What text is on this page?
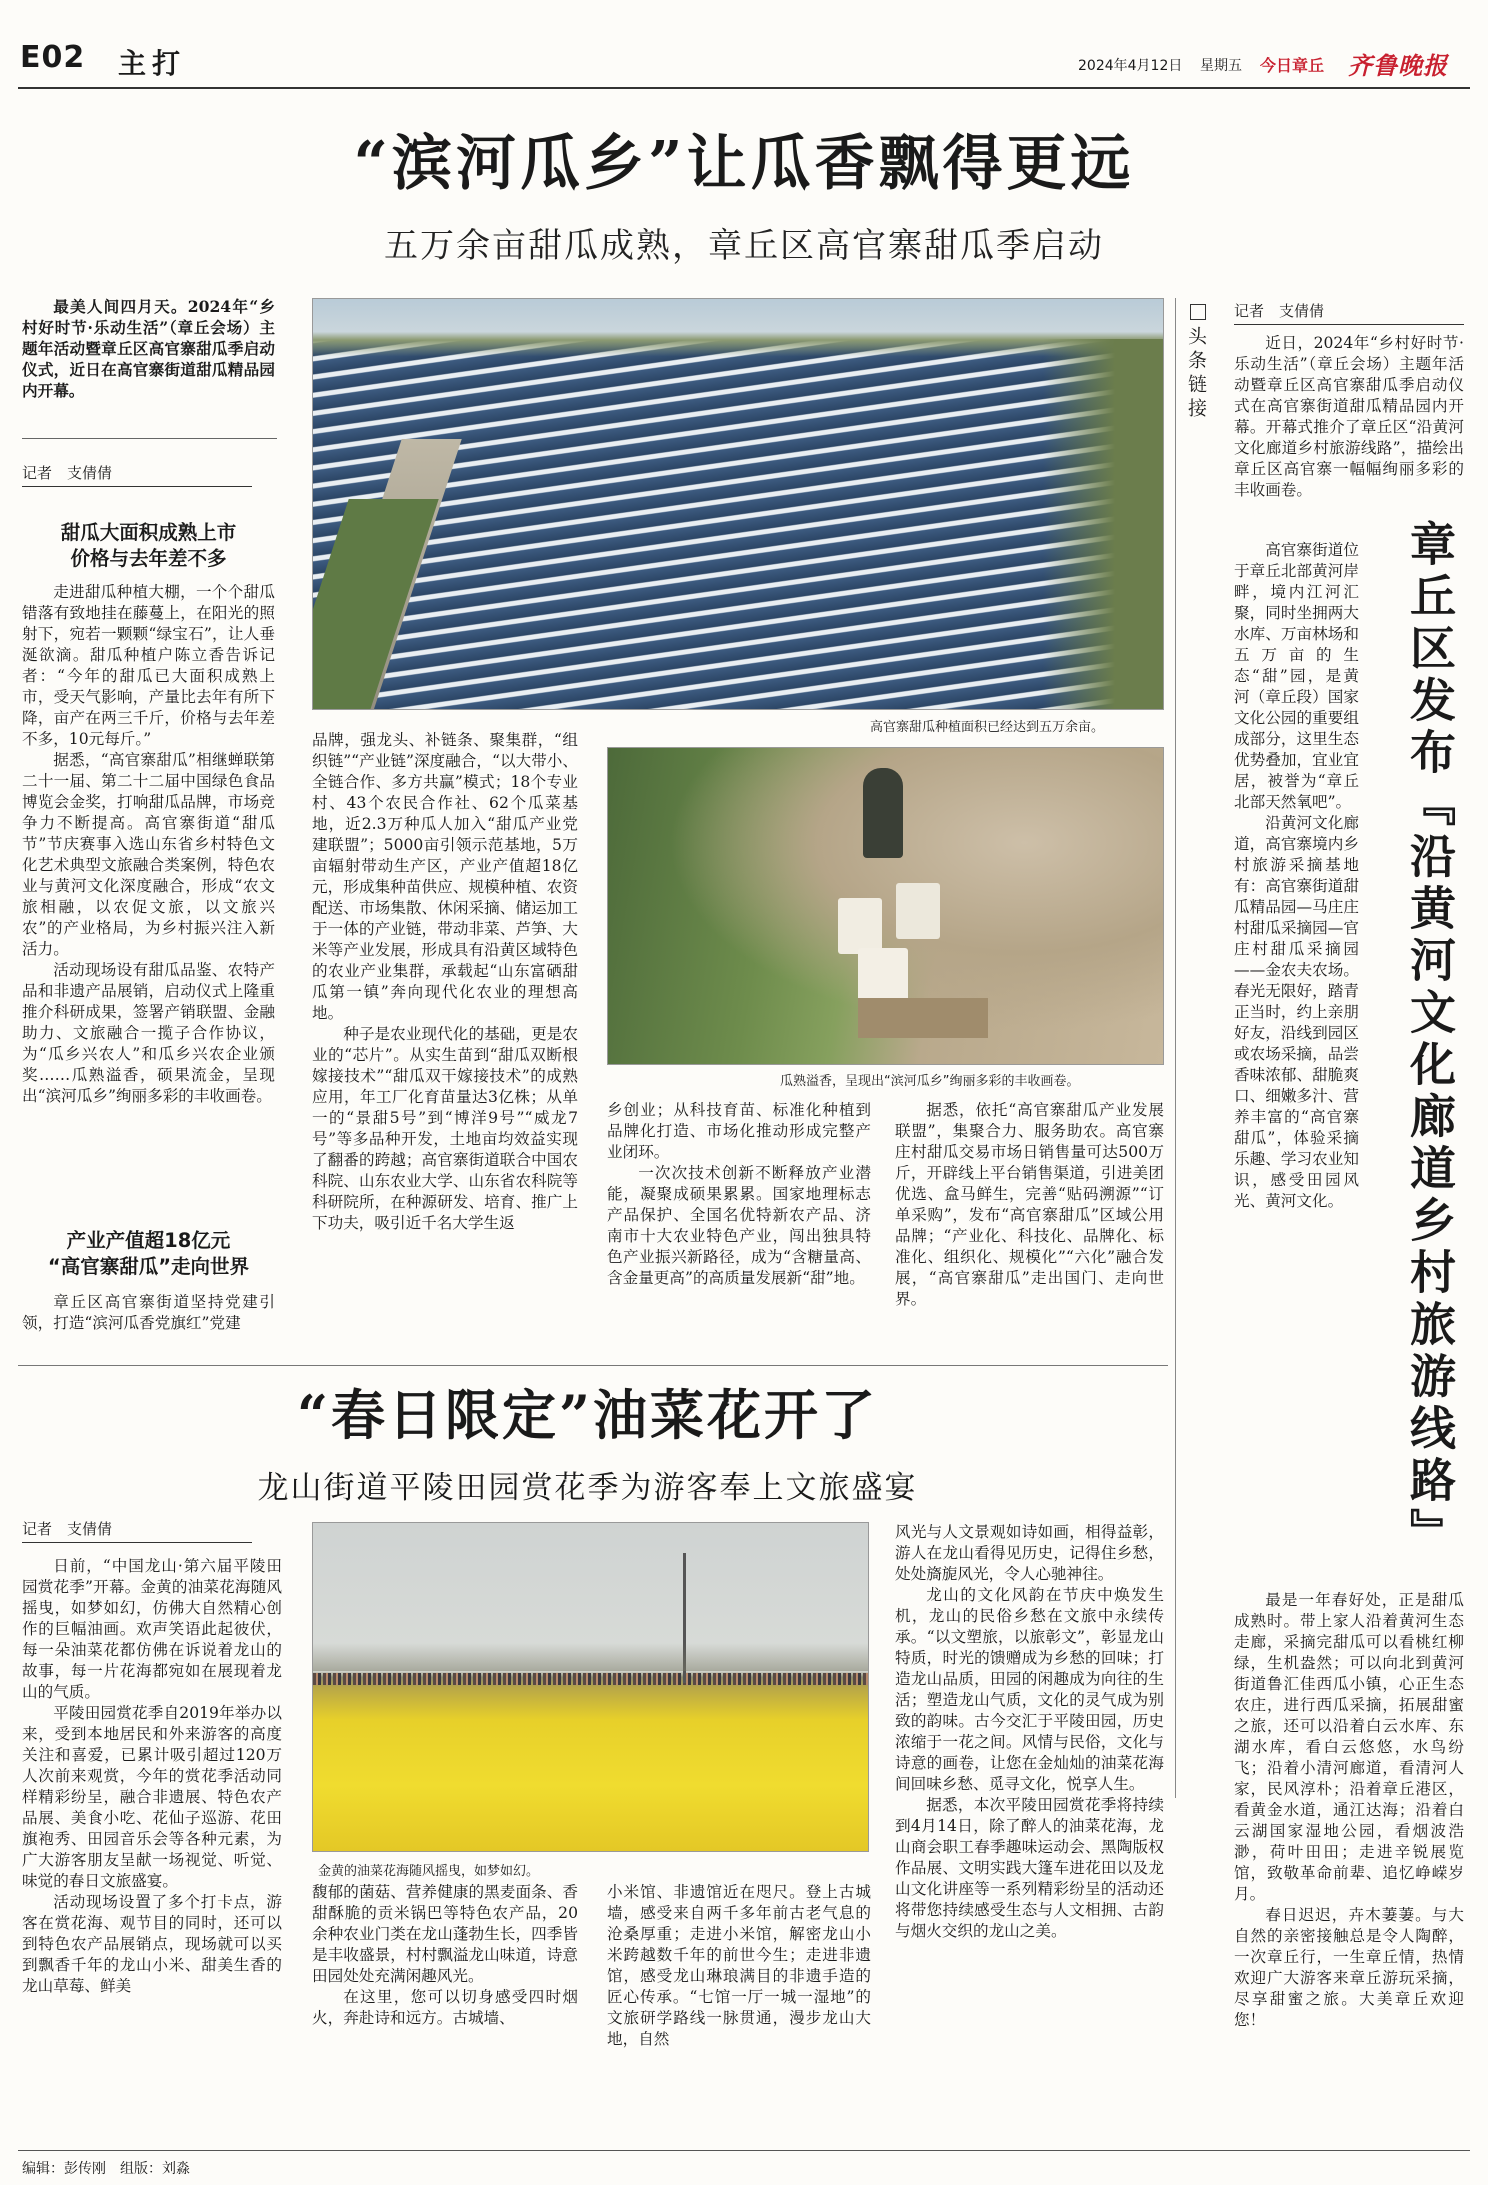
E02 主打	2024年4月12日 星期五 今日章丘 齐鲁晚报
“滨河瓜乡”让瓜香飘得更远
五万余亩甜瓜成熟，章丘区高官寨甜瓜季启动
最美人间四月天。2024年“乡村好时节·乐动生活”（章丘会场）主题年活动暨章丘区高官寨甜瓜季启动仪式，近日在高官寨街道甜瓜精品园内开幕。
记者　支倩倩
甜瓜大面积成熟上市
价格与去年差不多

走进甜瓜种植大棚，一个个甜瓜错落有致地挂在藤蔓上，在阳光的照射下，宛若一颗颗“绿宝石”，让人垂涎欲滴。甜瓜种植户陈立香告诉记者：“今年的甜瓜已大面积成熟上市，受天气影响，产量比去年有所下降，亩产在两三千斤，价格与去年差不多，10元每斤。”

据悉，“高官寨甜瓜”相继蝉联第二十一届、第二十二届中国绿色食品博览会金奖，打响甜瓜品牌，市场竞争力不断提高。高官寨街道“甜瓜节”节庆赛事入选山东省乡村特色文化艺术典型文旅融合类案例，特色农业与黄河文化深度融合，形成“农文旅相融，以农促文旅，以文旅兴农”的产业格局，为乡村振兴注入新活力。

活动现场设有甜瓜品鉴、农特产品和非遗产品展销，启动仪式上隆重推介科研成果，签署产销联盟、金融助力、文旅融合一揽子合作协议，为“瓜乡兴农人”和瓜乡兴农企业颁奖……瓜熟溢香，硕果流金，呈现出“滨河瓜乡”绚丽多彩的丰收画卷。

产业产值超18亿元
“高官寨甜瓜”走向世界

章丘区高官寨街道坚持党建引领，打造“滨河瓜香党旗红”党建

高官寨甜瓜种植面积已经达到五万余亩。
瓜熟溢香，呈现出“滨河瓜乡”绚丽多彩的丰收画卷。

品牌，强龙头、补链条、聚集群，“组织链”“产业链”深度融合，“以大带小、全链合作、多方共赢”模式；18个专业村、43个农民合作社、62个瓜菜基地，近2.3万种瓜人加入“甜瓜产业党建联盟”；5000亩引领示范基地，5万亩辐射带动生产区，产业产值超18亿元，形成集种苗供应、规模种植、农资配送、市场集散、休闲采摘、储运加工于一体的产业链，带动非菜、芦笋、大米等产业发展，形成具有沿黄区域特色的农业产业集群，承载起“山东富硒甜瓜第一镇”奔向现代化农业的理想高地。

种子是农业现代化的基础，更是农业的“芯片”。从实生苗到“甜瓜双断根嫁接技术”“甜瓜双干嫁接技术”的成熟应用，年工厂化育苗量达3亿株；从单一的“景甜5号”到“博洋9号”“威龙7号”等多品种开发，土地亩均效益实现了翻番的跨越；高官寨街道联合中国农科院、山东农业大学、山东省农科院等科研院所，在种源研发、培育、推广上下功夫，吸引近千名大学生返

乡创业；从科技育苗、标准化种植到品牌化打造、市场化推动形成完整产业闭环。

一次次技术创新不断释放产业潜能，凝聚成硕果累累。国家地理标志产品保护、全国名优特新农产品、济南市十大农业特色产业，闯出独具特色产业振兴新路径，成为“含糖量高、含金量更高”的高质量发展新“甜”地。

据悉，依托“高官寨甜瓜产业发展联盟”，集聚合力、服务助农。高官寨庄村甜瓜交易市场日销售量可达500万斤，开辟线上平台销售渠道，引进美团优选、盒马鲜生，完善“贴码溯源”“订单采购”，发布“高官寨甜瓜”区域公用品牌；“产业化、科技化、品牌化、标准化、组织化、规模化”“六化”融合发展，“高官寨甜瓜”走出国门、走向世界。

头条链接
记者　支倩倩

近日，2024年“乡村好时节·乐动生活”（章丘会场）主题年活动暨章丘区高官寨甜瓜季启动仪式在高官寨街道甜瓜精品园内开幕。开幕式推介了章丘区“沿黄河文化廊道乡村旅游线路”，描绘出章丘区高官寨一幅幅绚丽多彩的丰收画卷。

高官寨街道位于章丘北部黄河岸畔，境内江河汇聚，同时坐拥两大水库、万亩林场和五万亩的生态“甜”园，是黄河（章丘段）国家文化公园的重要组成部分，这里生态优势叠加，宜业宜居，被誉为“章丘北部天然氧吧”。

沿黄河文化廊道，高官寨境内乡村旅游采摘基地有：高官寨街道甜瓜精品园—马庄庄村甜瓜采摘园—官庄村甜瓜采摘园——金农夫农场。春光无限好，踏青正当时，约上亲朋好友，沿线到园区或农场采摘，品尝香味浓郁、甜脆爽口、细嫩多汁、营养丰富的“高官寨甜瓜”，体验采摘乐趣、学习农业知识，感受田园风光、黄河文化。	章丘区发布『沿黄河文化廊道乡村旅游线路』

最是一年春好处，正是甜瓜成熟时。带上家人沿着黄河生态走廊，采摘完甜瓜可以看桃红柳绿，生机盎然；可以向北到黄河街道鲁汇佳西瓜小镇，心正生态农庄，进行西瓜采摘，拓展甜蜜之旅，还可以沿着白云水库、东湖水库，看白云悠悠，水鸟纷飞；沿着小清河廊道，看清河人家，民风淳朴；沿着章丘港区，看黄金水道，通江达海；沿着白云湖国家湿地公园，看烟波浩渺，荷叶田田；走进辛锐展览馆，致敬革命前辈、追忆峥嵘岁月。

春日迟迟，卉木萋萋。与大自然的亲密接触总是令人陶醉，一次章丘行，一生章丘情，热情欢迎广大游客来章丘游玩采摘，尽享甜蜜之旅。大美章丘欢迎您！

“春日限定”油菜花开了
龙山街道平陵田园赏花季为游客奉上文旅盛宴
记者　支倩倩

日前，“中国龙山·第六届平陵田园赏花季”开幕。金黄的油菜花海随风摇曳，如梦如幻，仿佛大自然精心创作的巨幅油画。欢声笑语此起彼伏，每一朵油菜花都仿佛在诉说着龙山的故事，每一片花海都宛如在展现着龙山的气质。

平陵田园赏花季自2019年举办以来，受到本地居民和外来游客的高度关注和喜爱，已累计吸引超过120万人次前来观赏，今年的赏花季活动同样精彩纷呈，融合非遗展、特色农产品展、美食小吃、花仙子巡游、花田旗袍秀、田园音乐会等各种元素，为广大游客朋友呈献一场视觉、听觉、味觉的春日文旅盛宴。

活动现场设置了多个打卡点，游客在赏花海、观节目的同时，还可以到特色农产品展销点，现场就可以买到飘香千年的龙山小米、甜美生香的龙山草莓、鲜美

金黄的油菜花海随风摇曳，如梦如幻。

馥郁的菌菇、营养健康的黑麦面条、香甜酥脆的贡米锅巴等特色农产品，20余种农业门类在龙山蓬勃生长，四季皆是丰收盛景，村村飘溢龙山味道，诗意田园处处充满闲趣风光。

在这里，您可以切身感受四时烟火，奔赴诗和远方。古城墙、

小米馆、非遗馆近在咫尺。登上古城墙，感受来自两千多年前古老气息的沧桑厚重；走进小米馆，解密龙山小米跨越数千年的前世今生；走进非遗馆，感受龙山琳琅满目的非遗手造的匠心传承。“七馆一厅一城一湿地”的文旅研学路线一脉贯通，漫步龙山大地，自然

风光与人文景观如诗如画，相得益彰，游人在龙山看得见历史，记得住乡愁，处处旖旎风光，令人心驰神往。

龙山的文化风韵在节庆中焕发生机，龙山的民俗乡愁在文旅中永续传承。“以文塑旅，以旅彰文”，彰显龙山特质，时光的馈赠成为乡愁的回味；打造龙山品质，田园的闲趣成为向往的生活；塑造龙山气质，文化的灵气成为别致的韵味。古今交汇于平陵田园，历史浓缩于一花之间。风情与民俗，文化与诗意的画卷，让您在金灿灿的油菜花海间回味乡愁、觅寻文化，悦享人生。

据悉，本次平陵田园赏花季将持续到4月14日，除了醉人的油菜花海，龙山商会职工春季趣味运动会、黑陶版权作品展、文明实践大篷车进花田以及龙山文化讲座等一系列精彩纷呈的活动还将带您持续感受生态与人文相拥、古韵与烟火交织的龙山之美。

编辑：彭传刚　组版：刘淼
